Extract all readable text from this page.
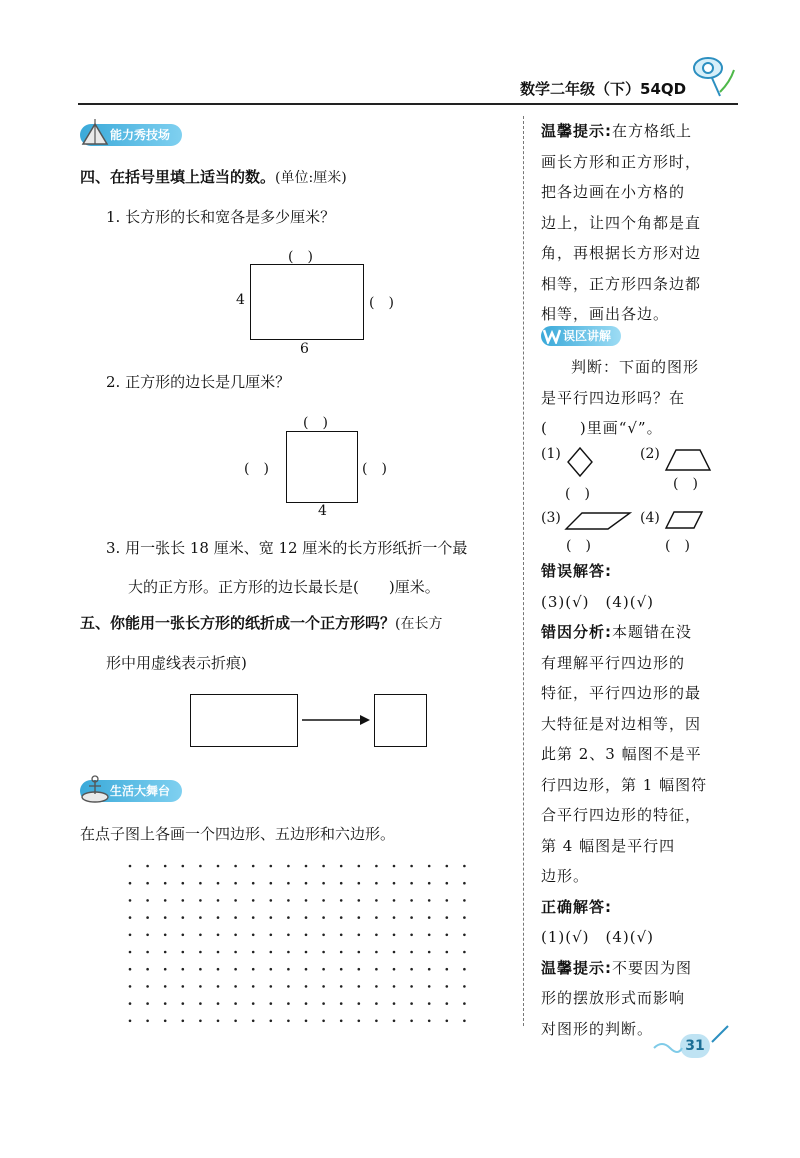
数学二年级（下）54QD
能力秀技场
四、在括号里填上适当的数。(单位:厘米)
1. 长方形的长和宽各是多少厘米？
(　)
4	(　)
6
2. 正方形的边长是几厘米？
(　)
(　)	(　)
4
3. 用一张长 18 厘米、宽 12 厘米的长方形纸折一个最
大的正方形。正方形的边长最长是(　　)厘米。
五、你能用一张长方形的纸折成一个正方形吗？(在长方
形中用虚线表示折痕)
生活大舞台
在点子图上各画一个四边形、五边形和六边形。
温馨提示:在方格纸上
画长方形和正方形时，
把各边画在小方格的
边上，让四个角都是直
角，再根据长方形对边
相等，正方形四条边都
相等，画出各边。
误区讲解
判断：下面的图形
是平行四边形吗？在
(　　)里画“√”。
(1)
(　)
(2)
(　)
(3)
(　)
(4)
(　)
错误解答:
(3)(√)　(4)(√)
错因分析:本题错在没
有理解平行四边形的
特征，平行四边形的最
大特征是对边相等，因
此第 2、3 幅图不是平
行四边形，第 1 幅图符
合平行四边形的特征，
第 4 幅图是平行四
边形。
正确解答:
(1)(√)　(4)(√)
温馨提示:不要因为图
形的摆放形式而影响
对图形的判断。
31
